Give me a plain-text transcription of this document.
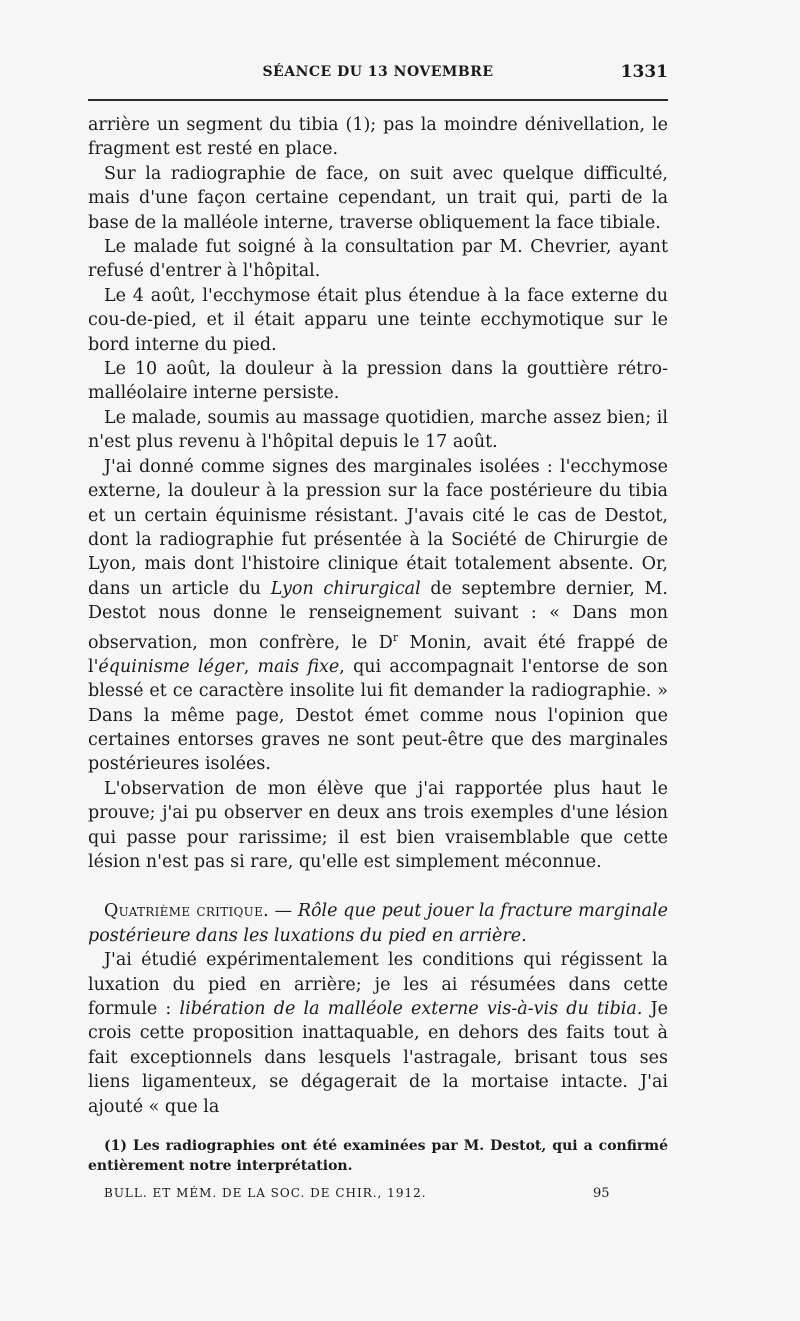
SÉANCE DU 13 NOVEMBRE	1331

arrière un segment du tibia (1); pas la moindre dénivellation, le fragment est resté en place.

Sur la radiographie de face, on suit avec quelque difficulté, mais d'une façon certaine cependant, un trait qui, parti de la base de la malléole interne, traverse obliquement la face tibiale.

Le malade fut soigné à la consultation par M. Chevrier, ayant refusé d'entrer à l'hôpital.

Le 4 août, l'ecchymose était plus étendue à la face externe du cou-de-pied, et il était apparu une teinte ecchymotique sur le bord interne du pied.

Le 10 août, la douleur à la pression dans la gouttière rétro-malléolaire interne persiste.

Le malade, soumis au massage quotidien, marche assez bien; il n'est plus revenu à l'hôpital depuis le 17 août.

J'ai donné comme signes des marginales isolées : l'ecchymose externe, la douleur à la pression sur la face postérieure du tibia et un certain équinisme résistant. J'avais cité le cas de Destot, dont la radiographie fut présentée à la Société de Chirurgie de Lyon, mais dont l'histoire clinique était totalement absente. Or, dans un article du Lyon chirurgical de septembre dernier, M. Destot nous donne le renseignement suivant : « Dans mon observation, mon confrère, le $D^r$ Monin, avait été frappé de l'équinisme léger, mais fixe, qui accompagnait l'entorse de son blessé et ce caractère insolite lui fit demander la radiographie. » Dans la même page, Destot émet comme nous l'opinion que certaines entorses graves ne sont peut-être que des marginales postérieures isolées.

L'observation de mon élève que j'ai rapportée plus haut le prouve; j'ai pu observer en deux ans trois exemples d'une lésion qui passe pour rarissime; il est bien vraisemblable que cette lésion n'est pas si rare, qu'elle est simplement méconnue.

Quatrième critique. — Rôle que peut jouer la fracture marginale postérieure dans les luxations du pied en arrière.

J'ai étudié expérimentalement les conditions qui régissent la luxation du pied en arrière; je les ai résumées dans cette formule : libération de la malléole externe vis-à-vis du tibia. Je crois cette proposition inattaquable, en dehors des faits tout à fait exceptionnels dans lesquels l'astragale, brisant tous ses liens ligamenteux, se dégagerait de la mortaise intacte. J'ai ajouté « que la

(1) Les radiographies ont été examinées par M. Destot, qui a confirmé entièrement notre interprétation.

BULL. ET MÉM. DE LA SOC. DE CHIR., 1912.	95
